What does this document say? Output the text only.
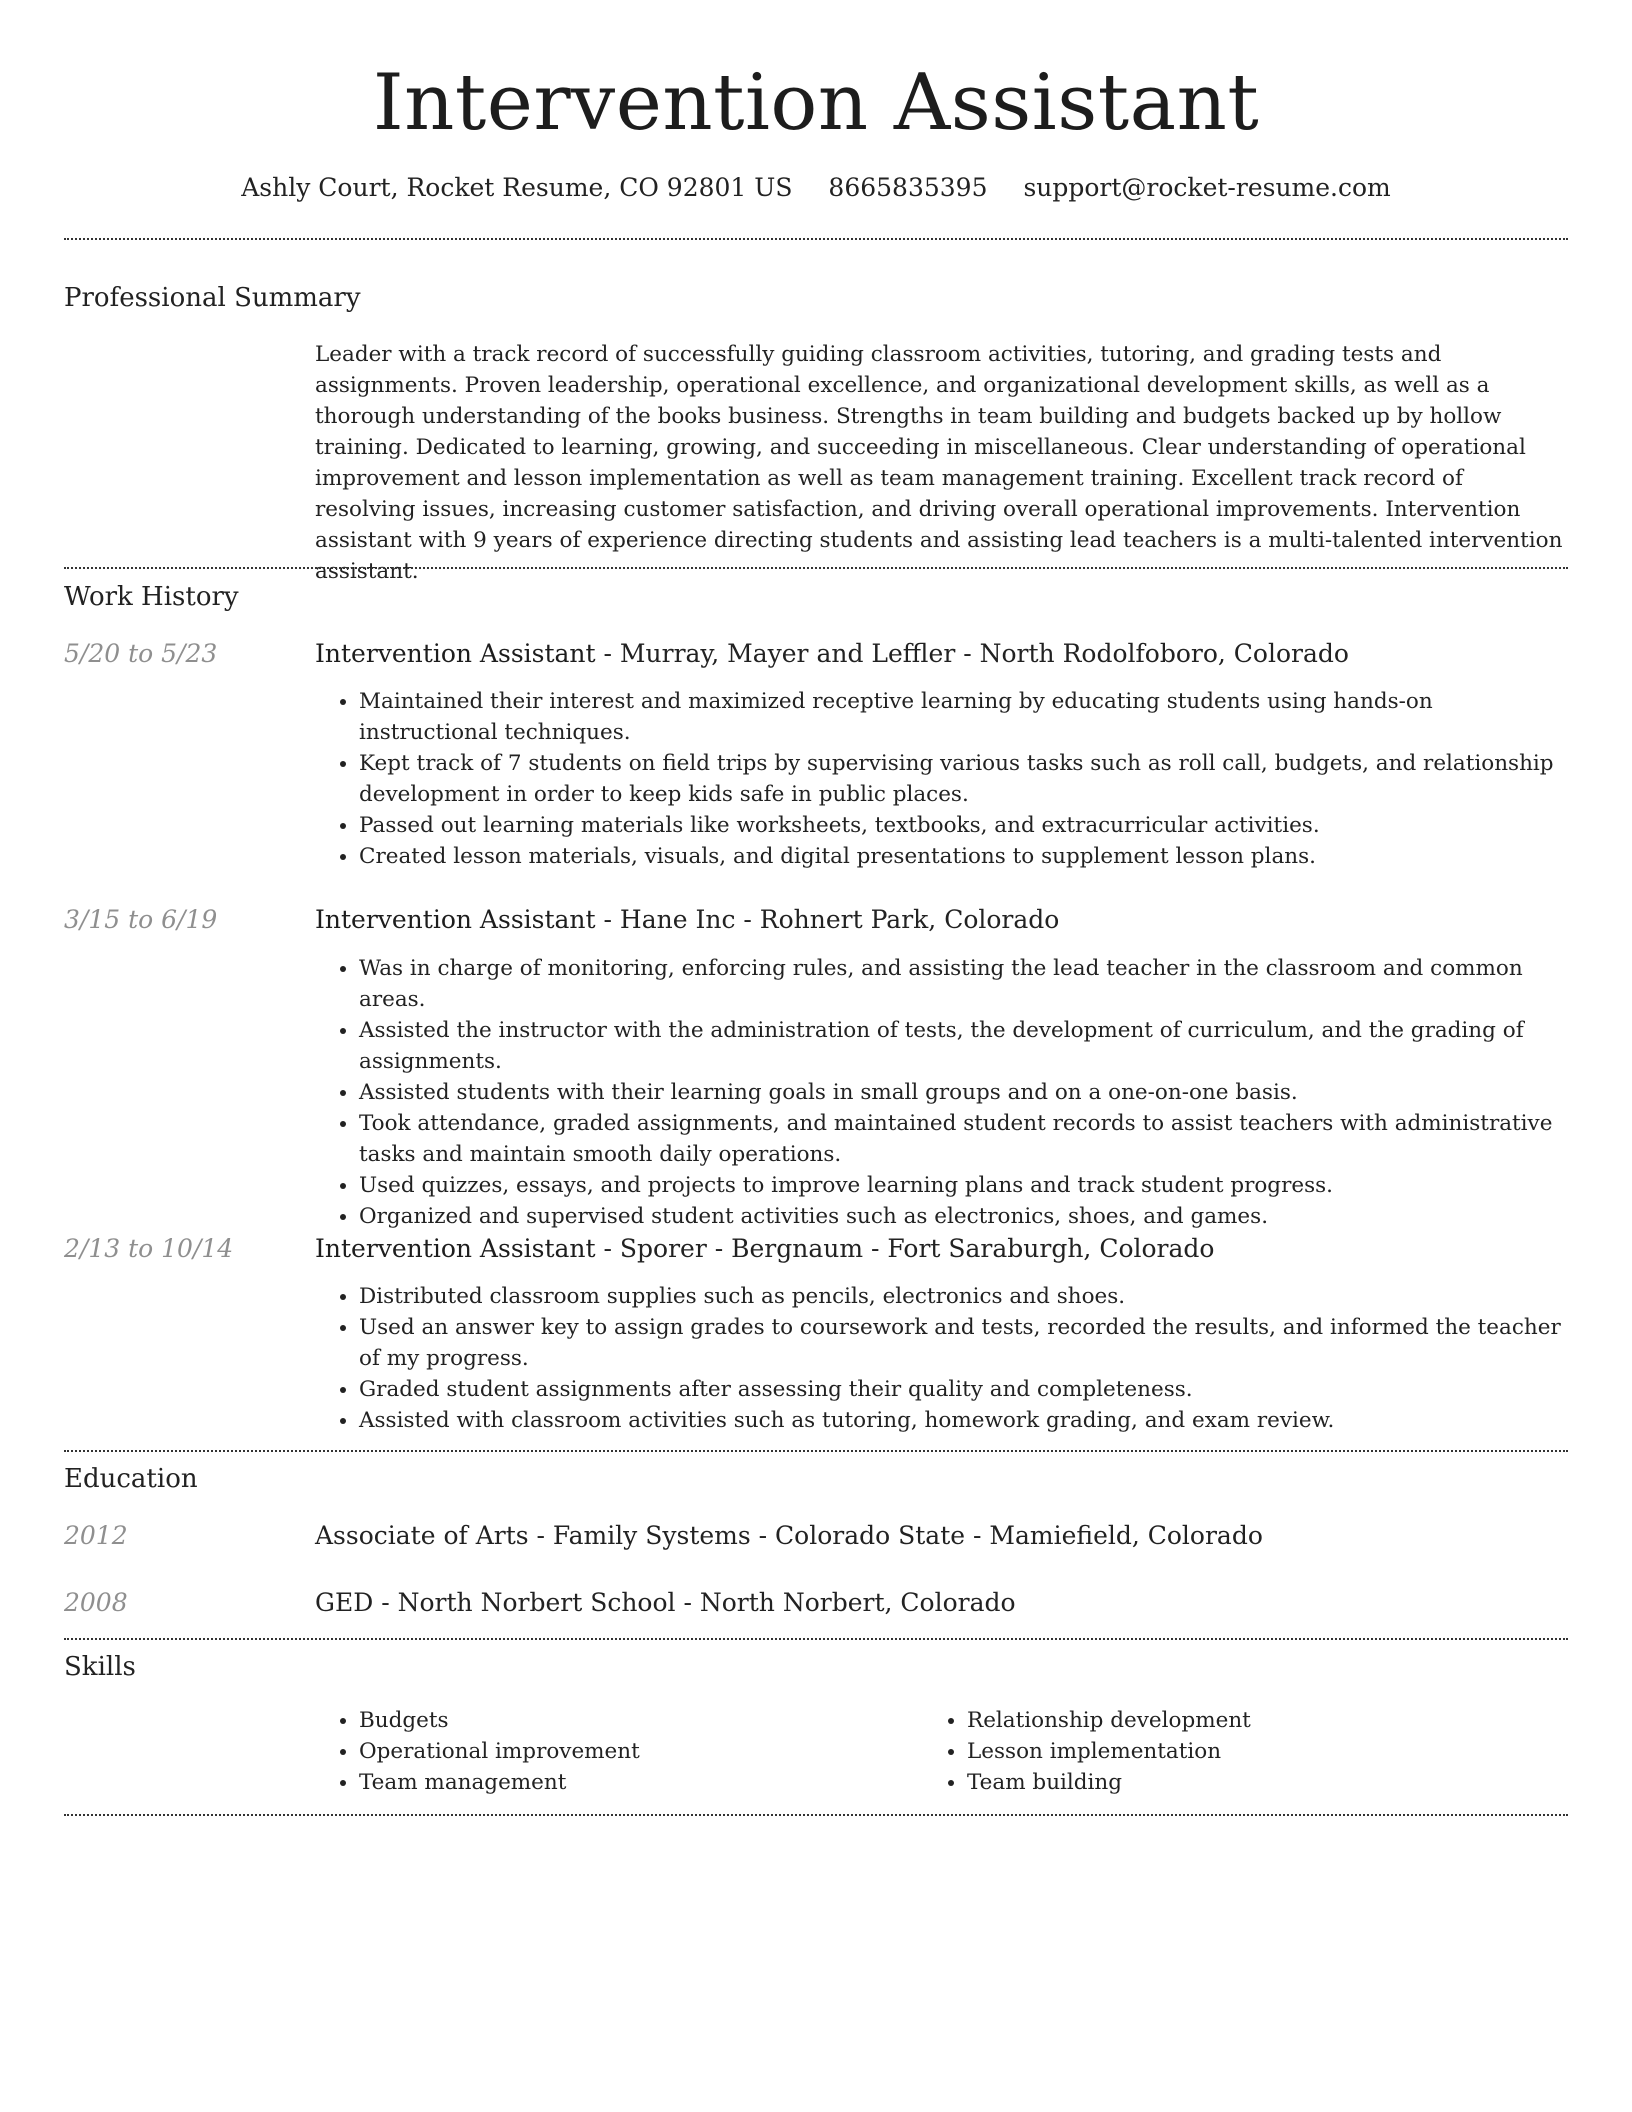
Intervention Assistant
Ashly Court, Rocket Resume, CO 92801 US 8665835395 support@rocket-resume.com
Professional Summary
Leader with a track record of successfully guiding classroom activities, tutoring, and grading tests and assignments. Proven leadership, operational excellence, and organizational development skills, as well as a thorough understanding of the books business. Strengths in team building and budgets backed up by hollow training. Dedicated to learning, growing, and succeeding in miscellaneous. Clear understanding of operational improvement and lesson implementation as well as team management training. Excellent track record of resolving issues, increasing customer satisfaction, and driving overall operational improvements. Intervention assistant with 9 years of experience directing students and assisting lead teachers is a multi-talented intervention assistant.
Work History
5/20 to 5/23	Intervention Assistant - Murray, Mayer and Leffler - North Rodolfoboro, Colorado
• Maintained their interest and maximized receptive learning by educating students using hands-on instructional techniques.
• Kept track of 7 students on field trips by supervising various tasks such as roll call, budgets, and relationship development in order to keep kids safe in public places.
• Passed out learning materials like worksheets, textbooks, and extracurricular activities.
• Created lesson materials, visuals, and digital presentations to supplement lesson plans.
3/15 to 6/19	Intervention Assistant - Hane Inc - Rohnert Park, Colorado
• Was in charge of monitoring, enforcing rules, and assisting the lead teacher in the classroom and common areas.
• Assisted the instructor with the administration of tests, the development of curriculum, and the grading of assignments.
• Assisted students with their learning goals in small groups and on a one-on-one basis.
• Took attendance, graded assignments, and maintained student records to assist teachers with administrative tasks and maintain smooth daily operations.
• Used quizzes, essays, and projects to improve learning plans and track student progress.
• Organized and supervised student activities such as electronics, shoes, and games.
2/13 to 10/14	Intervention Assistant - Sporer - Bergnaum - Fort Saraburgh, Colorado
• Distributed classroom supplies such as pencils, electronics and shoes.
• Used an answer key to assign grades to coursework and tests, recorded the results, and informed the teacher of my progress.
• Graded student assignments after assessing their quality and completeness.
• Assisted with classroom activities such as tutoring, homework grading, and exam review.
Education
2012	Associate of Arts - Family Systems - Colorado State - Mamiefield, Colorado
2008	GED - North Norbert School - North Norbert, Colorado
Skills
• Budgets
• Operational improvement
• Team management
• Relationship development
• Lesson implementation
• Team building
